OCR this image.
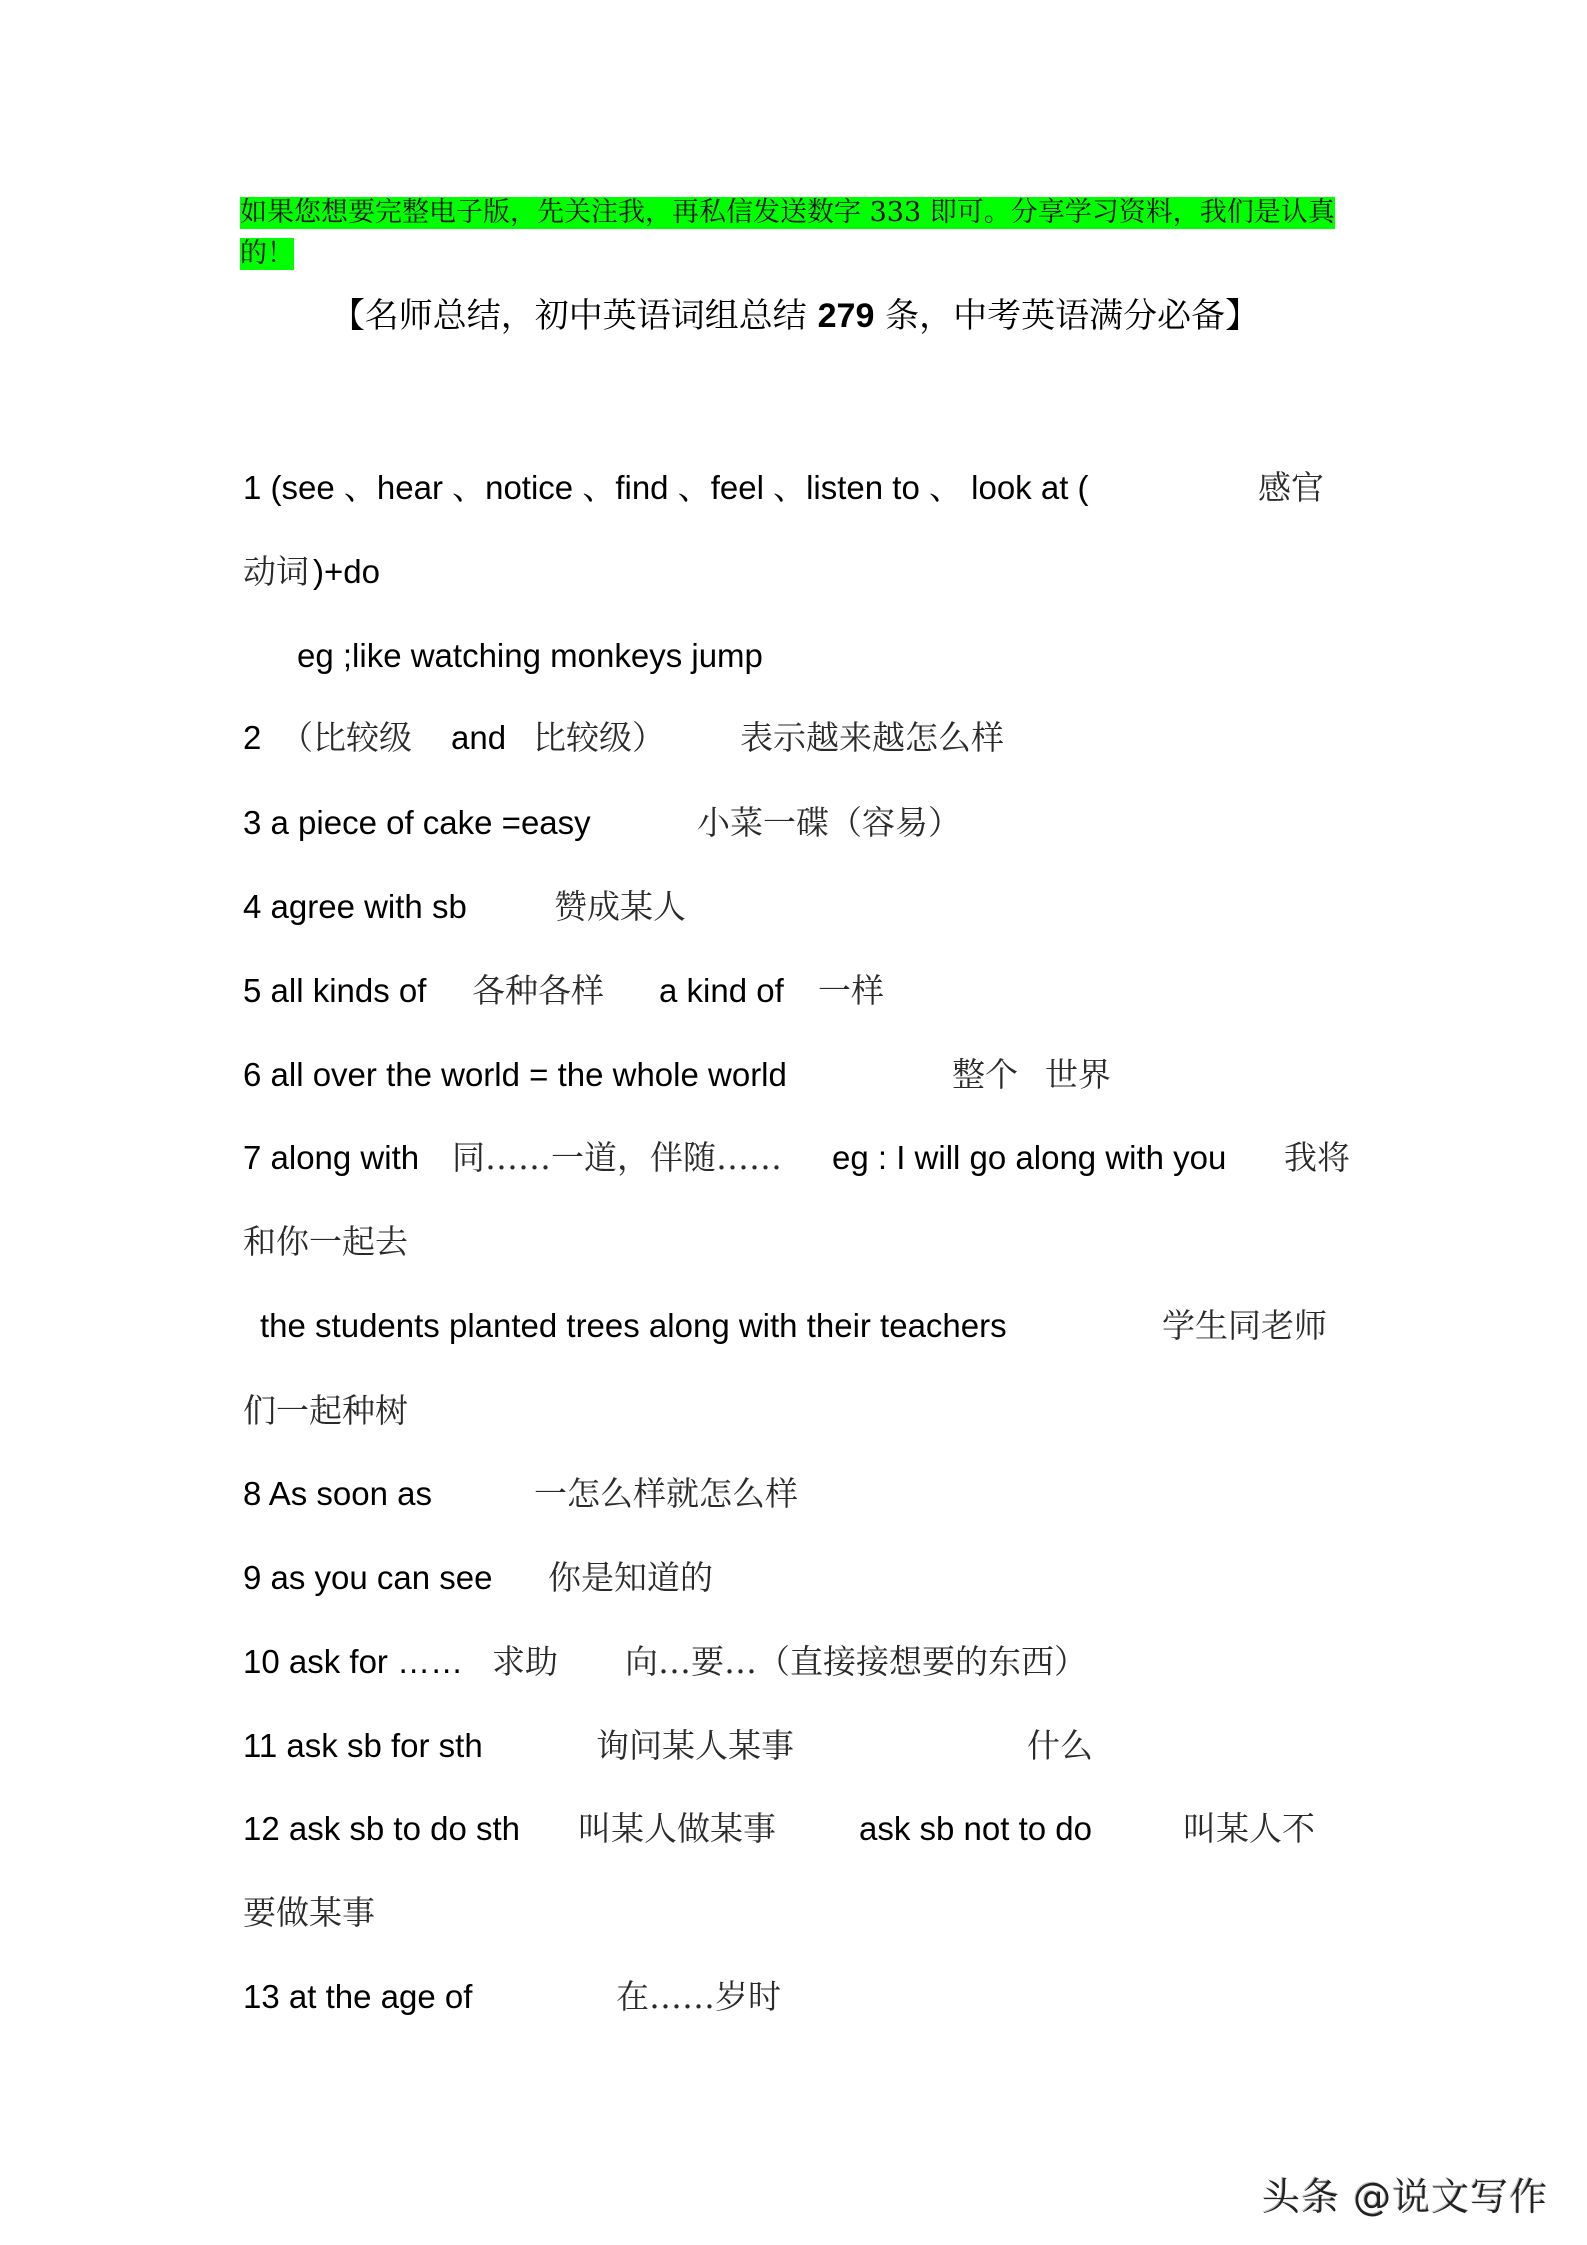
如果您想要完整电子版，先关注我，再私信发送数字 333 即可。分享学习资料，我们是认真
的！
【名师总结，初中英语词组总结 279 条，中考英语满分必备】
1 (see 、hear 、notice 、find 、feel 、listen to 、 look at (	感官
动词 )+do
eg ;like watching monkeys jump
2 （比较级 and 比较级） 表示越来越怎么样
3 a piece of cake =easy	小菜一碟（容易）
4 agree with sb	赞成某人
5 all kinds of 各种各样 a kind of 一样
6 all over the world = the whole world	整个 世界
7 along with 同……一道，伴随…… eg : I will go along with you 我将
和你一起去
the students planted trees along with their teachers	学生同老师
们一起种树
8 As soon as	一怎么样就怎么样
9 as you can see 你是知道的
10 ask for …… 求助 向…要…（直接接想要的东西）
11 ask sb for sth	询问某人某事	什么
12 ask sb to do sth 叫某人做某事	ask sb not to do	叫某人不
要做某事
13 at the age of	在……岁时
头条 @说文写作
